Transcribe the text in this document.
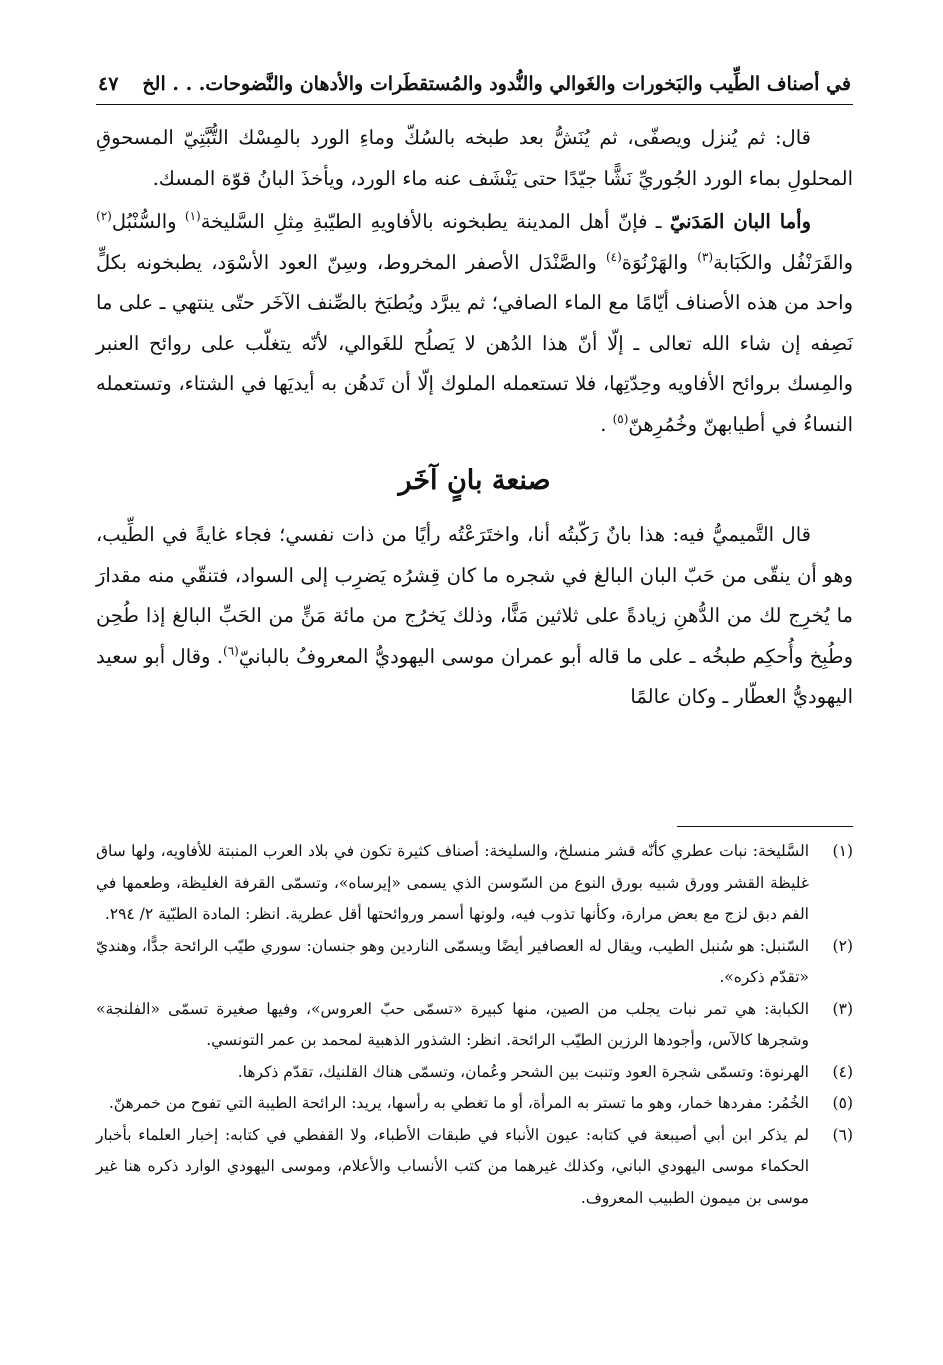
في أصناف الطِّيب والبَخورات والغَوالي والنُّدود والمُستقطَرات والأدهان والنَّضوحات. . . الخ
٤٧

قال: ثم يُنزل ويصفّى، ثم يُنَشُّ بعد طبخه بالسُكّ وماءِ الورد بالمِسْك التُّبَّتِيّ المسحوقِ المحلولِ بماء الورد الجُوريِّ نَشًّا جيّدًا حتى يَنْشَف عنه ماء الورد، ويأخذَ البانُ قوّة المسك.

وأما البان المَدَنيّ ـ فإنّ أهل المدينة يطبخونه بالأفاويهِ الطيّبةِ مِثلِ السَّليخة$^{(١)}$ والسُّنْبُل$^{(٢)}$ والقَرَنْفُل والكَبَابة$^{(٣)}$ والهَرْنُوَة$^{(٤)}$ والصَّنْدَل الأصفر المخروط، وسِنّ العود الأسْوَد، يطبخونه بكلٍّ واحد من هذه الأصناف أيّامًا مع الماء الصافي؛ ثم يبرَّد ويُطبَخ بالصِّنف الآخَر حتّى ينتهي ـ على ما نَصِفه إن شاء الله تعالى ـ إلّا أنّ هذا الدُهن لا يَصلُح للغَوالي، لأنّه يتغلّب على روائح العنبر والمِسك بروائح الأفاويه وحِدّتِها، فلا تستعمله الملوك إلّا أن تَدهُن به أيديَها في الشتاء، وتستعمله النساءُ في أطيابهنّ وخُمُرِهنّ$^{(٥)}$ .

صنعة بانٍ آخَر

قال التَّميميُّ فيه: هذا بانٌ رَكّبتُه أنا، واختَرَعْتُه رأيًا من ذات نفسي؛ فجاء غايةً في الطِّيب، وهو أن ينقّى من حَبّ البان البالغ في شجره ما كان قِشرُه يَضرِب إلى السواد، فتنقّي منه مقدارَ ما يُخرِج لك من الدُّهنِ زيادةً على ثلاثين مَنًّا، وذلك يَخرُج من مائة مَنٍّ من الحَبِّ البالغ إذا طُحِن وطُبِخ وأُحكِم طبخُه ـ على ما قاله أبو عمران موسى اليهوديُّ المعروفُ بالبانيّ$^{(٦)}$. وقال أبو سعيد اليهوديُّ العطّار ـ وكان عالمًا

(١)
السَّليخة: نبات عطري كأنّه قشر منسلخ، والسليخة: أصناف كثيرة تكون في بلاد العرب المنبتة للأفاويه، ولها ساق غليظة القشر وورق شبيه بورق النوع من السّوسن الذي يسمى «إيرساه»، وتسمّى القرفة الغليظة، وطعمها في الفم دبق لزج مع بعض مرارة، وكأنها تذوب فيه، ولونها أسمر وروائحتها أقل عطرية. انظر: المادة الطبّية ٢/ ٢٩٤.
(٢)
السّنبل: هو سُنبل الطيب، ويقال له العصافير أيضًا ويسمّى الناردين وهو جنسان: سوري طيّب الرائحة جدًّا، وهنديّ «تقدّم ذكره».
(٣)
الكبابة: هي تمر نبات يجلب من الصين، منها كبيرة «تسمّى حبّ العروس»، وفيها صغيرة تسمّى «الفلنجة» وشجرها كالآس، وأجودها الرزين الطيّب الرائحة. انظر: الشذور الذهبية لمحمد بن عمر التونسي.
(٤)
الهرنوة: وتسمّى شجرة العود وتنبت بين الشحر وعُمان، وتسمّى هناك القلنيك، تقدّم ذكرها.
(٥)
الخُمُر: مفردها خمار، وهو ما تستر به المرأة، أو ما تغطي به رأسها، يريد: الرائحة الطيبة التي تفوح من خمرهنّ.
(٦)
لم يذكر ابن أبي أصيبعة في كتابه: عيون الأنباء في طبقات الأطباء، ولا القفطي في كتابه: إخبار العلماء بأخبار الحكماء موسى اليهودي الباني، وكذلك غيرهما من كتب الأنساب والأعلام، وموسى اليهودي الوارد ذكره هنا غير موسى بن ميمون الطبيب المعروف.
